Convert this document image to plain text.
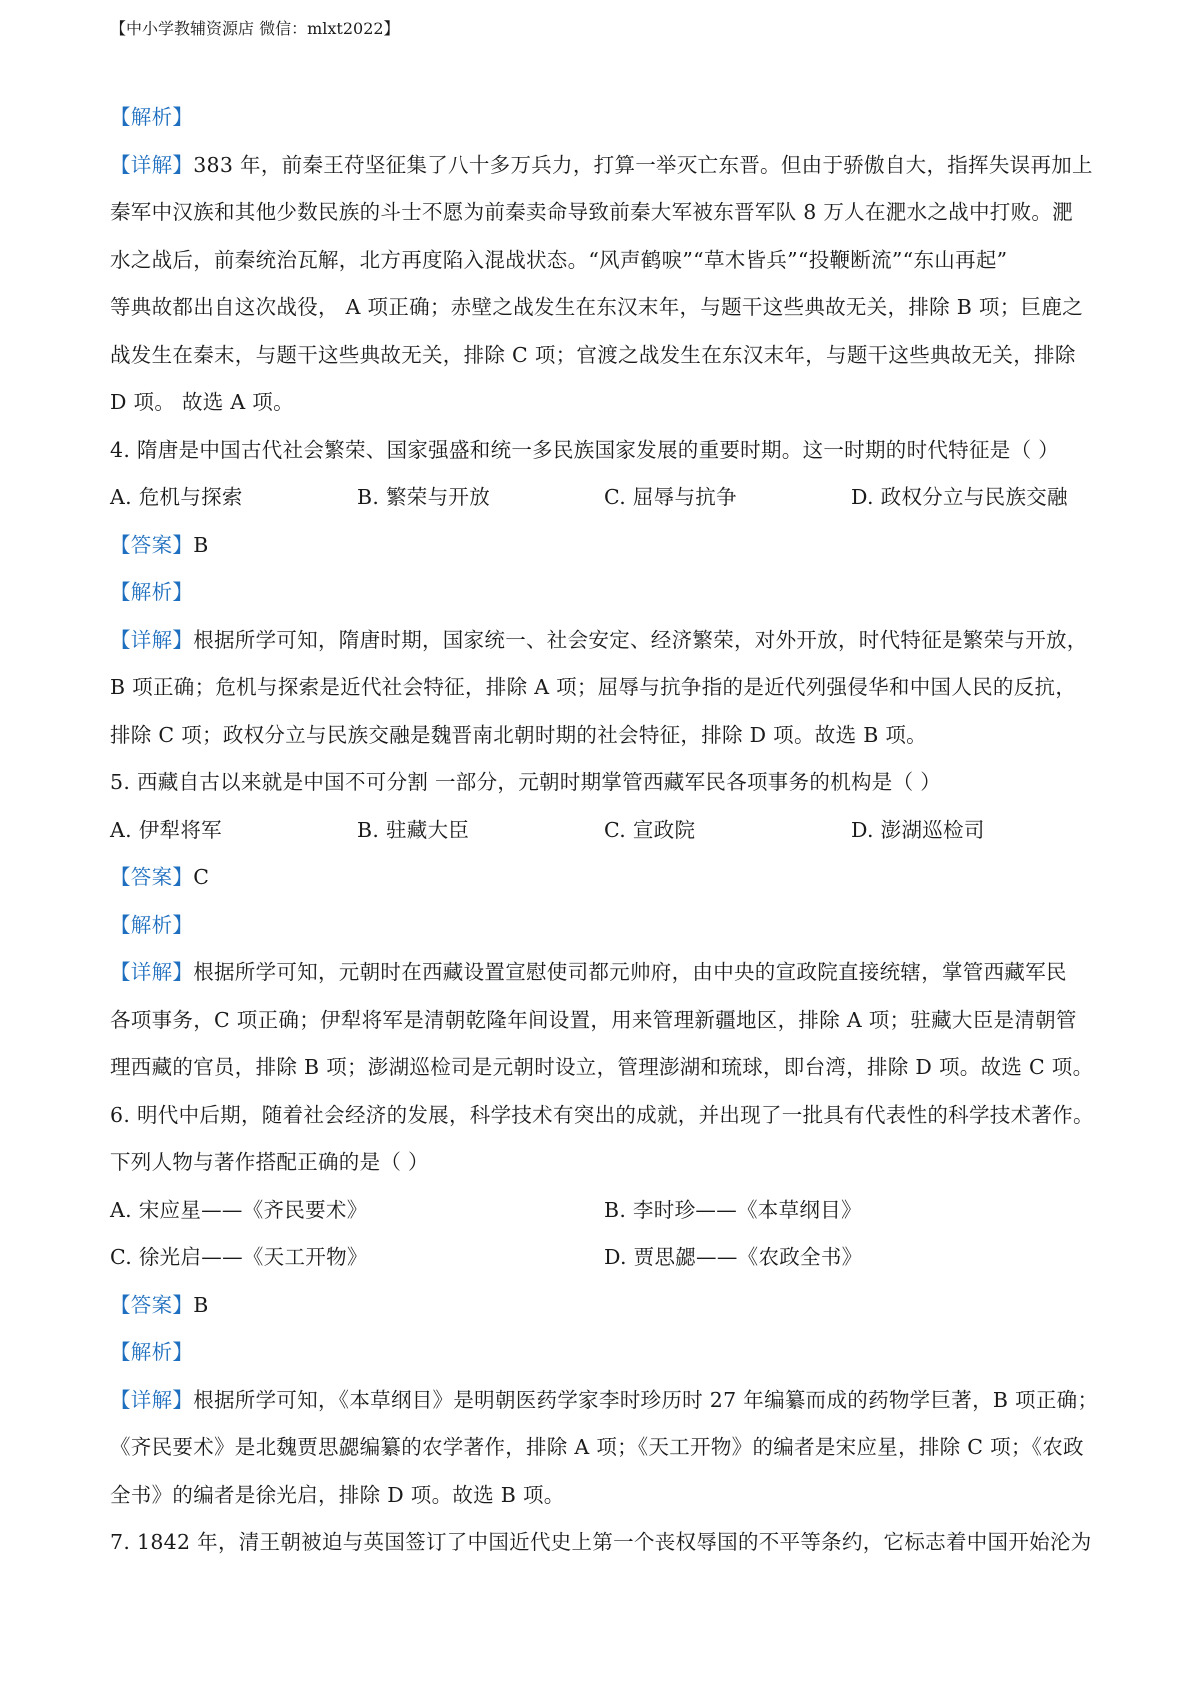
【中小学教辅资源店 微信：mlxt2022】
【解析】
【详解】383 年，前秦王苻坚征集了八十多万兵力，打算一举灭亡东晋。但由于骄傲自大，指挥失误再加上
秦军中汉族和其他少数民族的斗士不愿为前秦卖命导致前秦大军被东晋军队 8 万人在淝水之战中打败。淝
水之战后，前秦统治瓦解，北方再度陷入混战状态。“风声鹤唳”“草木皆兵”“投鞭断流”“东山再起”
等典故都出自这次战役， A 项正确；赤壁之战发生在东汉末年，与题干这些典故无关，排除 B 项；巨鹿之
战发生在秦末，与题干这些典故无关，排除 C 项；官渡之战发生在东汉末年，与题干这些典故无关，排除
D 项。 故选 A 项。
4. 隋唐是中国古代社会繁荣、国家强盛和统一多民族国家发展的重要时期。这一时期的时代特征是（ ）
A. 危机与探索	B. 繁荣与开放	C. 屈辱与抗争	D. 政权分立与民族交融
【答案】B
【解析】
【详解】根据所学可知，隋唐时期，国家统一、社会安定、经济繁荣，对外开放，时代特征是繁荣与开放，
B 项正确；危机与探索是近代社会特征，排除 A 项；屈辱与抗争指的是近代列强侵华和中国人民的反抗，
排除 C 项；政权分立与民族交融是魏晋南北朝时期的社会特征，排除 D 项。故选 B 项。
5. 西藏自古以来就是中国不可分割 一部分，元朝时期掌管西藏军民各项事务的机构是（ ）
A. 伊犁将军	B. 驻藏大臣	C. 宣政院	D. 澎湖巡检司
【答案】C
【解析】
【详解】根据所学可知，元朝时在西藏设置宣慰使司都元帅府，由中央的宣政院直接统辖，掌管西藏军民
各项事务，C 项正确；伊犁将军是清朝乾隆年间设置，用来管理新疆地区，排除 A 项；驻藏大臣是清朝管
理西藏的官员，排除 B 项；澎湖巡检司是元朝时设立，管理澎湖和琉球，即台湾，排除 D 项。故选 C 项。
6. 明代中后期，随着社会经济的发展，科学技术有突出的成就，并出现了一批具有代表性的科学技术著作。
下列人物与著作搭配正确的是（ ）
A. 宋应星——《齐民要术》	B. 李时珍——《本草纲目》
C. 徐光启——《天工开物》	D. 贾思勰——《农政全书》
【答案】B
【解析】
【详解】根据所学可知，《本草纲目》是明朝医药学家李时珍历时 27 年编纂而成的药物学巨著，B 项正确；
《齐民要术》是北魏贾思勰编纂的农学著作，排除 A 项；《天工开物》的编者是宋应星，排除 C 项；《农政
全书》的编者是徐光启，排除 D 项。故选 B 项。
7. 1842 年，清王朝被迫与英国签订了中国近代史上第一个丧权辱国的不平等条约，它标志着中国开始沦为
